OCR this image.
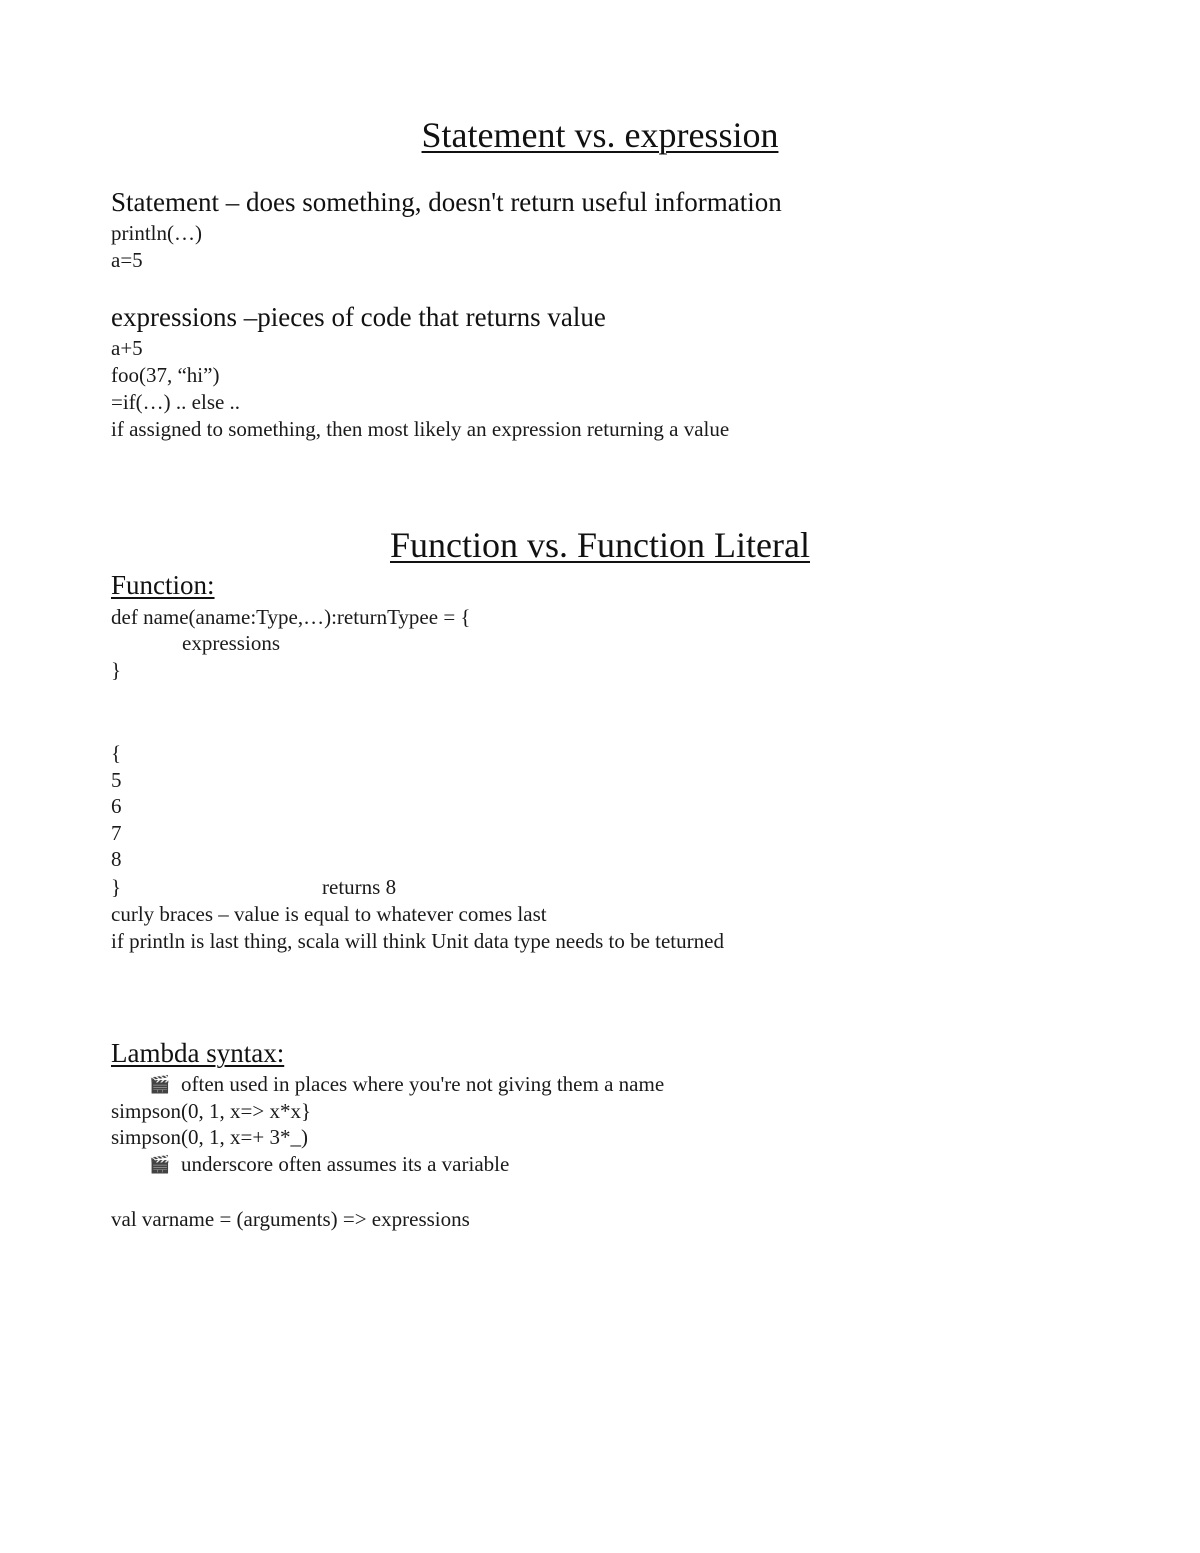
Statement vs. expression
Statement – does something, doesn't return useful information
println(…)
a=5
expressions –pieces of code that returns value
a+5
foo(37, “hi”)
=if(…) .. else ..
if assigned to something, then most likely an expression returning a value
Function vs. Function Literal
Function:
def name(aname:Type,…):returnTypee = {
expressions
}
{
5
6
7
8
}	returns 8
curly braces – value is equal to whatever comes last
if println is last thing, scala will think Unit data type needs to be teturned
Lambda syntax:
🎬 often used in places where you're not giving them a name
simpson(0, 1, x=> x*x}
simpson(0, 1, x=+ 3*_)
🎬 underscore often assumes its a variable
val varname = (arguments) => expressions
